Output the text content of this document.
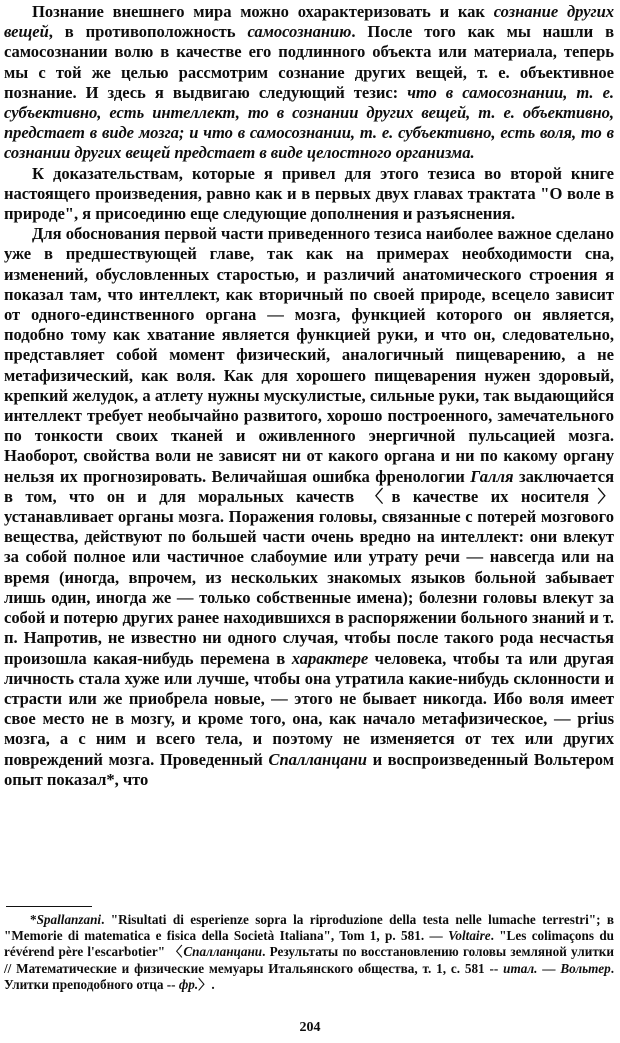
Познание внешнего мира можно охарактеризовать и как сознание других вещей, в противоположность самосознанию. После того как мы нашли в самосознании волю в качестве его подлинного объекта или материала, теперь мы с той же целью рассмотрим сознание других вещей, т. е. объективное познание. И здесь я выдвигаю следующий тезис: что в самосознании, т. е. субъективно, есть интеллект, то в сознании других вещей, т. е. объективно, предстает в виде мозга; и что в самосознании, т. е. субъективно, есть воля, то в сознании других вещей предстает в виде целостного организма.

К доказательствам, которые я привел для этого тезиса во второй книге настоящего произведения, равно как и в первых двух главах трактата "О воле в природе", я присоединю еще следующие дополнения и разъяснения.

Для обоснования первой части приведенного тезиса наиболее важное сделано уже в предшествующей главе, так как на примерах необходимости сна, изменений, обусловленных старостью, и различий анатомического строения я показал там, что интеллект, как вторичный по своей природе, всецело зависит от одного-единственного органа — мозга, функцией которого он является, подобно тому как хватание является функцией руки, и что он, следовательно, представляет собой момент физический, аналогичный пищеварению, а не метафизический, как воля. Как для хорошего пищеварения нужен здоровый, крепкий желудок, а атлету нужны мускулистые, сильные руки, так выдающийся интеллект требует необычайно развитого, хорошо построенного, замечательного по тонкости своих тканей и оживленного энергичной пульсацией мозга. Наоборот, свойства воли не зависят ни от какого органа и ни по какому органу нельзя их прогнозировать. Величайшая ошибка френологии Галля заключается в том, что он и для моральных качеств 〈в качестве их носителя〉 устанавливает органы мозга. Поражения головы, связанные с потерей мозгового вещества, действуют по большей части очень вредно на интеллект: они влекут за собой полное или частичное слабоумие или утрату речи — навсегда или на время (иногда, впрочем, из нескольких знакомых языков больной забывает лишь один, иногда же — только собственные имена); болезни головы влекут за собой и потерю других ранее находившихся в распоряжении больного знаний и т. п. Напротив, не известно ни одного случая, чтобы после такого рода несчастья произошла какая-нибудь перемена в характере человека, чтобы та или другая личность стала хуже или лучше, чтобы она утратила какие-нибудь склонности и страсти или же приобрела новые, — этого не бывает никогда. Ибо воля имеет свое место не в мозгу, и кроме того, она, как начало метафизическое, — prius мозга, а с ним и всего тела, и поэтому не изменяется от тех или других повреждений мозга. Проведенный Спалланцани и воспроизведенный Вольтером опыт показал*, что

*Spallanzani. "Risultati di esperienze sopra la riproduzione della testa nelle lumache terrestri"; в "Memorie di matematica e fisica della Società Italiana", Tom 1, p. 581. — Voltaire. "Les colimaçons du révérend père l'escarbotier" 〈Спалланцани. Результаты по восстановлению головы земляной улитки // Математические и физические мемуары Итальянского общества, т. 1, с. 581 -- итал. — Вольтер. Улитки преподобного отца -- фр.〉.

204
